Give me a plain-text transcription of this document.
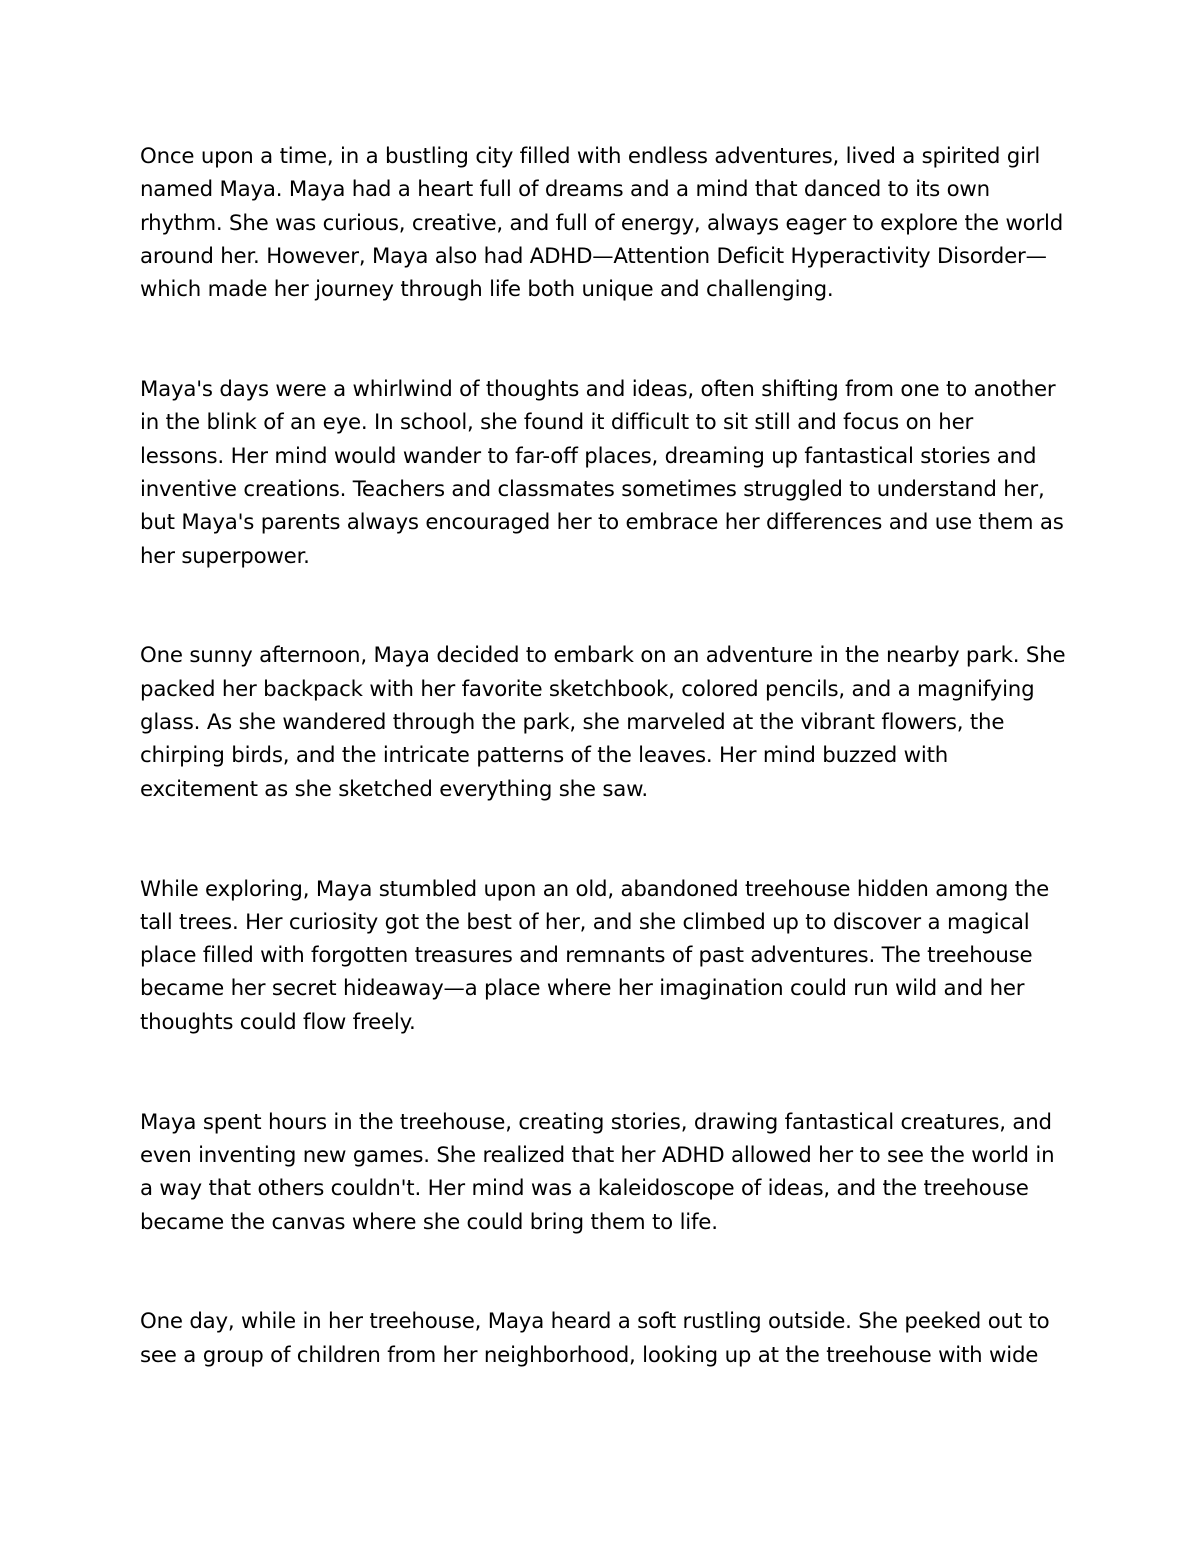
Once upon a time, in a bustling city filled with endless adventures, lived a spirited girl
named Maya. Maya had a heart full of dreams and a mind that danced to its own
rhythm. She was curious, creative, and full of energy, always eager to explore the world
around her. However, Maya also had ADHD—Attention Deficit Hyperactivity Disorder—
which made her journey through life both unique and challenging.

Maya's days were a whirlwind of thoughts and ideas, often shifting from one to another
in the blink of an eye. In school, she found it difficult to sit still and focus on her
lessons. Her mind would wander to far-off places, dreaming up fantastical stories and
inventive creations. Teachers and classmates sometimes struggled to understand her,
but Maya's parents always encouraged her to embrace her differences and use them as
her superpower.

One sunny afternoon, Maya decided to embark on an adventure in the nearby park. She
packed her backpack with her favorite sketchbook, colored pencils, and a magnifying
glass. As she wandered through the park, she marveled at the vibrant flowers, the
chirping birds, and the intricate patterns of the leaves. Her mind buzzed with
excitement as she sketched everything she saw.

While exploring, Maya stumbled upon an old, abandoned treehouse hidden among the
tall trees. Her curiosity got the best of her, and she climbed up to discover a magical
place filled with forgotten treasures and remnants of past adventures. The treehouse
became her secret hideaway—a place where her imagination could run wild and her
thoughts could flow freely.

Maya spent hours in the treehouse, creating stories, drawing fantastical creatures, and
even inventing new games. She realized that her ADHD allowed her to see the world in
a way that others couldn't. Her mind was a kaleidoscope of ideas, and the treehouse
became the canvas where she could bring them to life.

One day, while in her treehouse, Maya heard a soft rustling outside. She peeked out to
see a group of children from her neighborhood, looking up at the treehouse with wide
